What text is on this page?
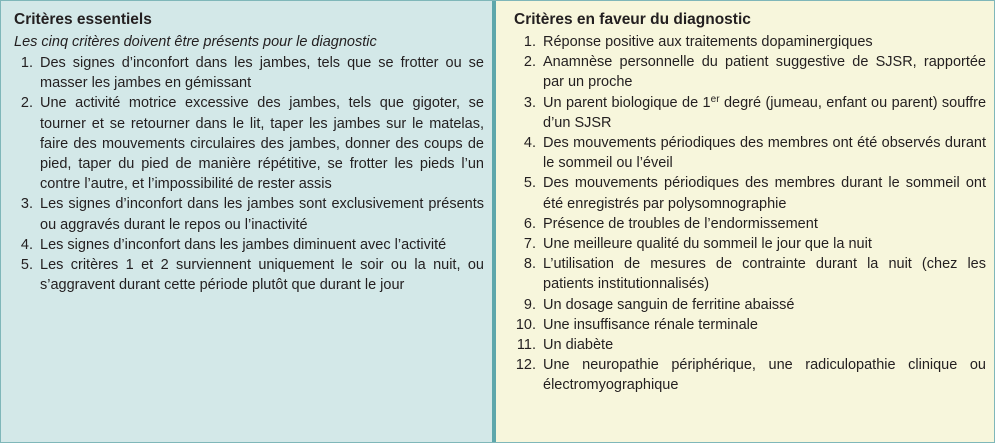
Critères essentiels
Les cinq critères doivent être présents pour le diagnostic
1. Des signes d’inconfort dans les jambes, tels que se frotter ou se masser les jambes en gémissant
2. Une activité motrice excessive des jambes, tels que gigoter, se tourner et se retourner dans le lit, taper les jambes sur le matelas, faire des mouvements circulaires des jambes, donner des coups de pied, taper du pied de manière répétitive, se frotter les pieds l’un contre l’autre, et l’impossibilité de rester assis
3. Les signes d’inconfort dans les jambes sont exclusivement présents ou aggravés durant le repos ou l’inactivité
4. Les signes d’inconfort dans les jambes diminuent avec l’activité
5. Les critères 1 et 2 surviennent uniquement le soir ou la nuit, ou s’aggravent durant cette période plutôt que durant le jour
Critères en faveur du diagnostic
1. Réponse positive aux traitements dopaminergiques
2. Anamnèse personnelle du patient suggestive de SJSR, rapportée par un proche
3. Un parent biologique de 1er degré (jumeau, enfant ou parent) souffre d’un SJSR
4. Des mouvements périodiques des membres ont été observés durant le sommeil ou l’éveil
5. Des mouvements périodiques des membres durant le sommeil ont été enregistrés par polysomnographie
6. Présence de troubles de l’endormissement
7. Une meilleure qualité du sommeil le jour que la nuit
8. L’utilisation de mesures de contrainte durant la nuit (chez les patients institutionnalisés)
9. Un dosage sanguin de ferritine abaissé
10. Une insuffisance rénale terminale
11. Un diabète
12. Une neuropathie périphérique, une radiculopathie clinique ou électromyographique
